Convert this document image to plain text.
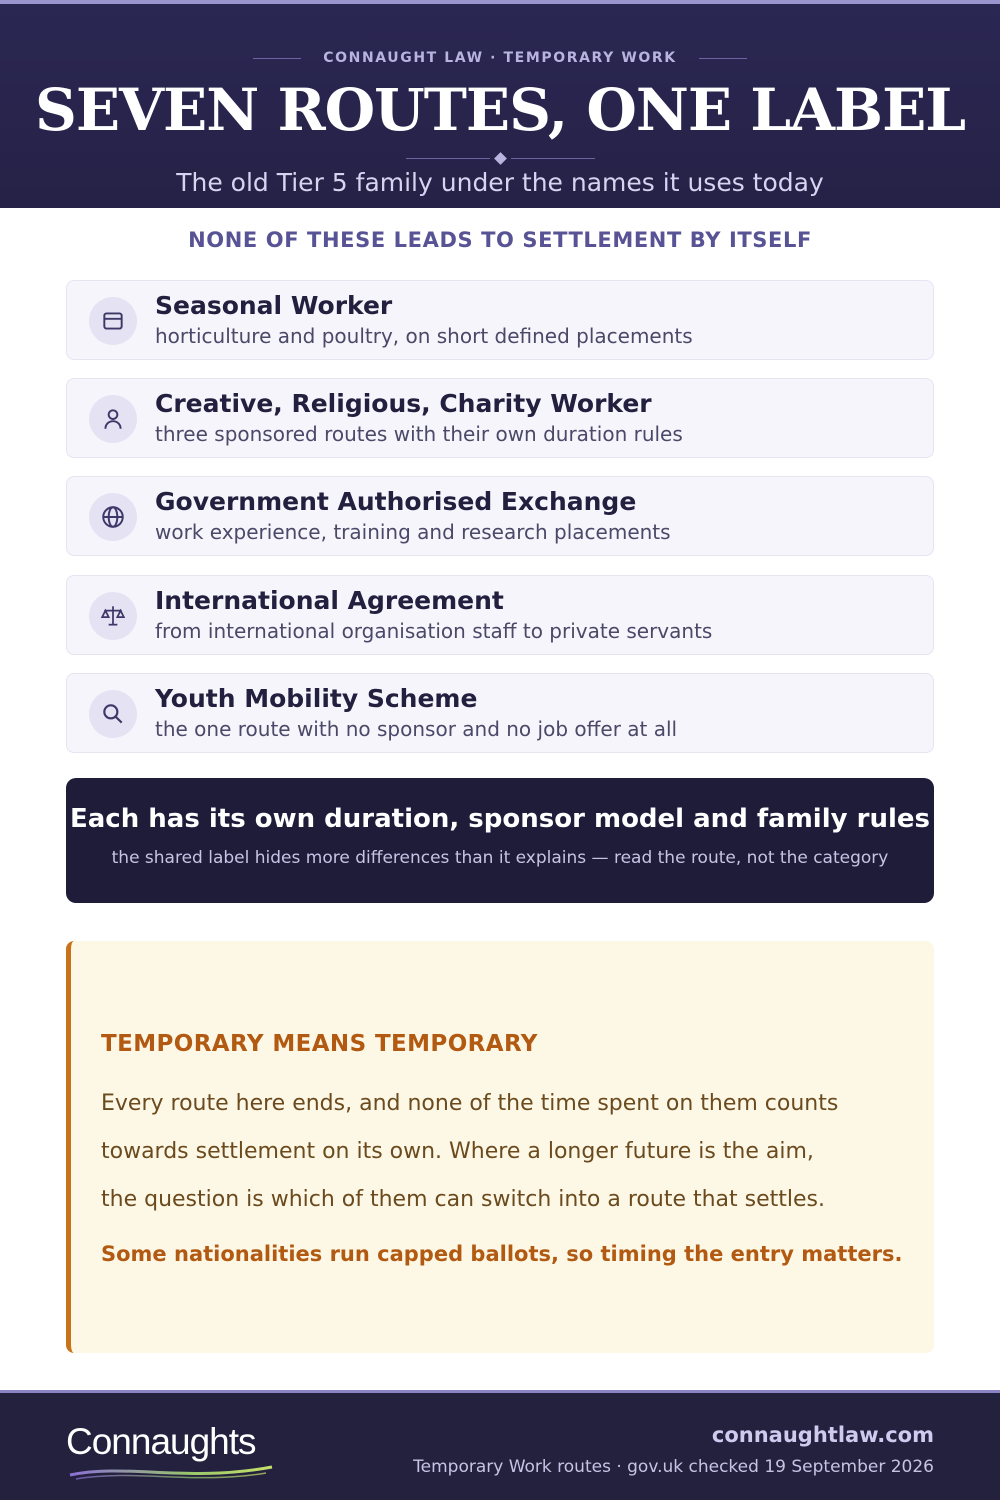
CONNAUGHT LAW · TEMPORARY WORK
SEVEN ROUTES, ONE LABEL
The old Tier 5 family under the names it uses today
NONE OF THESE LEADS TO SETTLEMENT BY ITSELF
Seasonal Worker
horticulture and poultry, on short defined placements
Creative, Religious, Charity Worker
three sponsored routes with their own duration rules
Government Authorised Exchange
work experience, training and research placements
International Agreement
from international organisation staff to private servants
Youth Mobility Scheme
the one route with no sponsor and no job offer at all
Each has its own duration, sponsor model and family rules
the shared label hides more differences than it explains — read the route, not the category
TEMPORARY MEANS TEMPORARY
Every route here ends, and none of the time spent on them counts
towards settlement on its own. Where a longer future is the aim,
the question is which of them can switch into a route that settles.
Some nationalities run capped ballots, so timing the entry matters.
Connaughts	connaughtlaw.com
Temporary Work routes · gov.uk checked 19 September 2026
